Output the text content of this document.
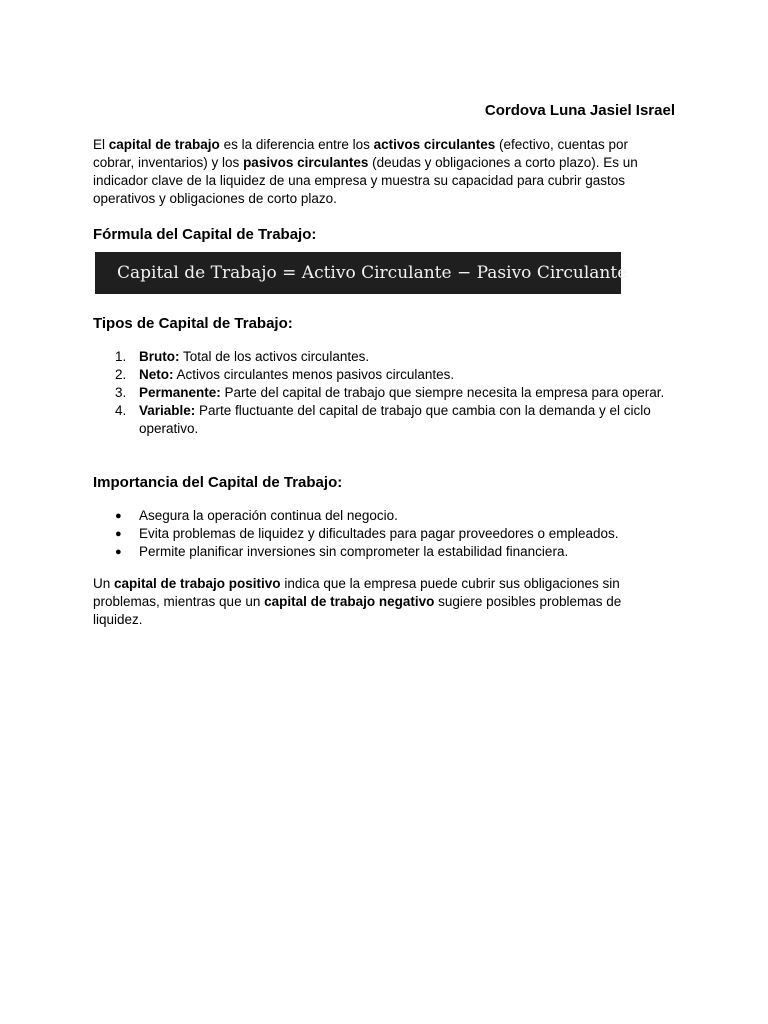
Cordova Luna Jasiel Israel

El capital de trabajo es la diferencia entre los activos circulantes (efectivo, cuentas por cobrar, inventarios) y los pasivos circulantes (deudas y obligaciones a corto plazo). Es un indicador clave de la liquidez de una empresa y muestra su capacidad para cubrir gastos operativos y obligaciones de corto plazo.

Fórmula del Capital de Trabajo:
Capital de Trabajo = Activo Circulante − Pasivo Circulante
Tipos de Capital de Trabajo:
1. Bruto: Total de los activos circulantes.
2. Neto: Activos circulantes menos pasivos circulantes.
3. Permanente: Parte del capital de trabajo que siempre necesita la empresa para operar.
4. Variable: Parte fluctuante del capital de trabajo que cambia con la demanda y el ciclo operativo.
Importancia del Capital de Trabajo:
● Asegura la operación continua del negocio.
● Evita problemas de liquidez y dificultades para pagar proveedores o empleados.
● Permite planificar inversiones sin comprometer la estabilidad financiera.

Un capital de trabajo positivo indica que la empresa puede cubrir sus obligaciones sin problemas, mientras que un capital de trabajo negativo sugiere posibles problemas de liquidez.
